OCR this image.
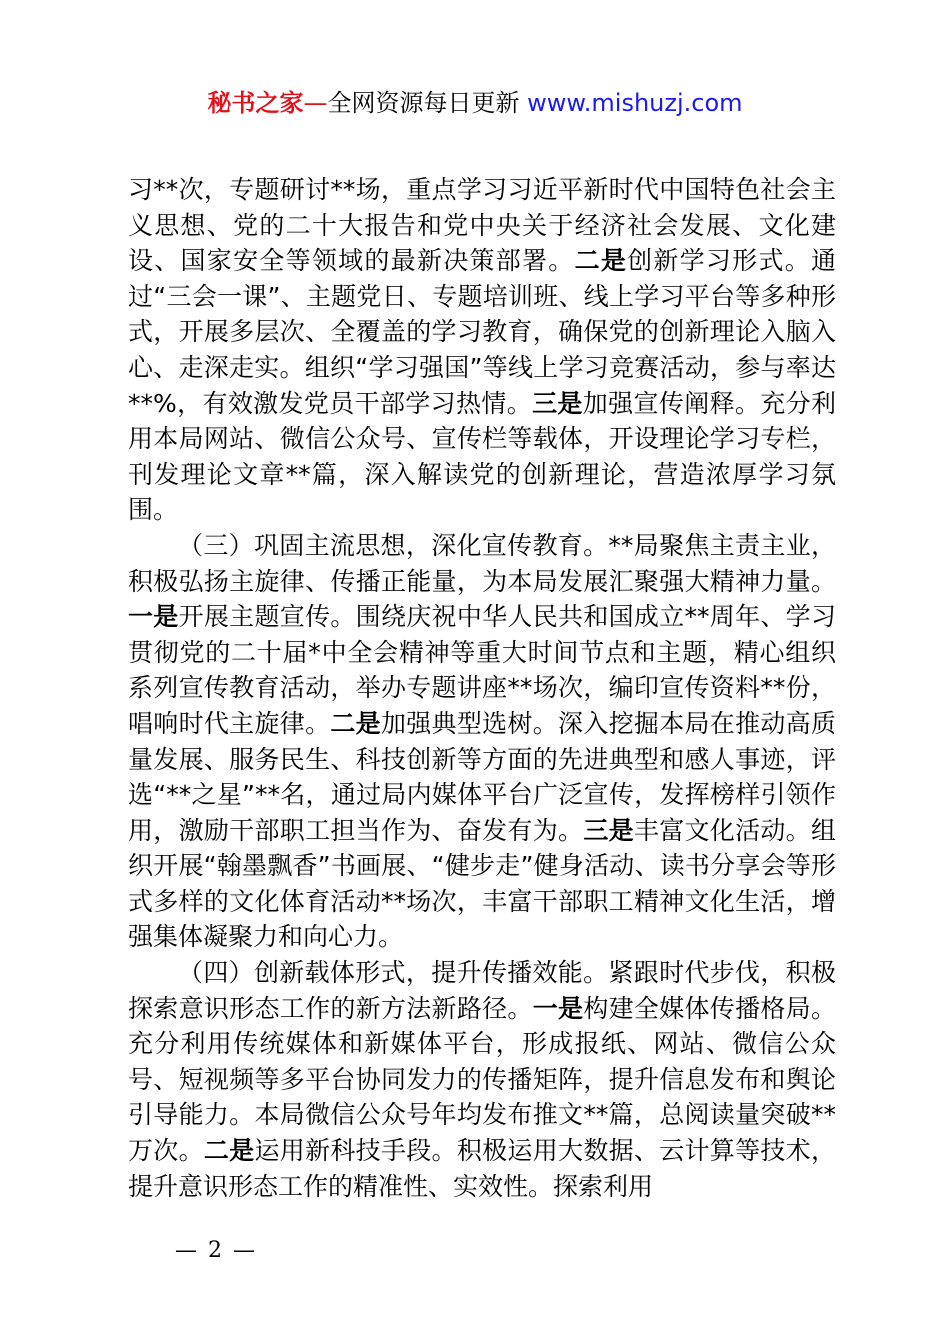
秘书之家—全网资源每日更新 www.mishuzj.com

习**次，专题研讨**场，重点学习习近平新时代中国特色社会主义思想、党的二十大报告和党中央关于经济社会发展、文化建设、国家安全等领域的最新决策部署。二是创新学习形式。通过“三会一课”、主题党日、专题培训班、线上学习平台等多种形式，开展多层次、全覆盖的学习教育，确保党的创新理论入脑入心、走深走实。组织“学习强国”等线上学习竞赛活动，参与率达**%，有效激发党员干部学习热情。三是加强宣传阐释。充分利用本局网站、微信公众号、宣传栏等载体，开设理论学习专栏，刊发理论文章**篇，深入解读党的创新理论，营造浓厚学习氛围。

（三）巩固主流思想，深化宣传教育。**局聚焦主责主业，积极弘扬主旋律、传播正能量，为本局发展汇聚强大精神力量。一是开展主题宣传。围绕庆祝中华人民共和国成立**周年、学习贯彻党的二十届*中全会精神等重大时间节点和主题，精心组织系列宣传教育活动，举办专题讲座**场次，编印宣传资料**份，唱响时代主旋律。二是加强典型选树。深入挖掘本局在推动高质量发展、服务民生、科技创新等方面的先进典型和感人事迹，评选“**之星”**名，通过局内媒体平台广泛宣传，发挥榜样引领作用，激励干部职工担当作为、奋发有为。三是丰富文化活动。组织开展“翰墨飘香”书画展、“健步走”健身活动、读书分享会等形式多样的文化体育活动**场次，丰富干部职工精神文化生活，增强集体凝聚力和向心力。

（四）创新载体形式，提升传播效能。紧跟时代步伐，积极探索意识形态工作的新方法新路径。一是构建全媒体传播格局。充分利用传统媒体和新媒体平台，形成报纸、网站、微信公众号、短视频等多平台协同发力的传播矩阵，提升信息发布和舆论引导能力。本局微信公众号年均发布推文**篇，总阅读量突破**万次。二是运用新科技手段。积极运用大数据、云计算等技术，提升意识形态工作的精准性、实效性。探索利用

— 2 —
